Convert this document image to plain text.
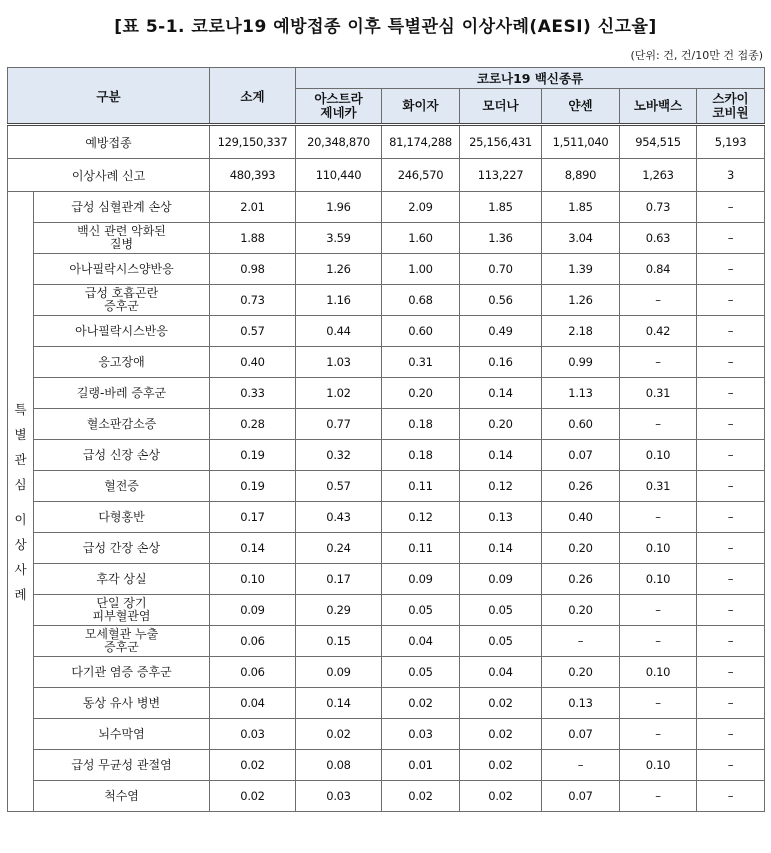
[표 5-1. 코로나19 예방접종 이후 특별관심 이상사례(AESI) 신고율]
(단위: 건, 건/10만 건 접종)
구분		소계	코로나19 백신종류					
			아스트라
제네카	화이자	모더나	얀센	노바백스	스카이
코비원
예방접종		129,150,337	20,348,870	81,174,288	25,156,431	1,511,040	954,515	5,193
이상사례 신고		480,393	110,440	246,570	113,227	8,890	1,263	3
특별관심
이상사례	급성 심혈관계 손상	2.01	1.96	2.09	1.85	1.85	0.73	–
	백신 관련 악화된
질병	1.88	3.59	1.60	1.36	3.04	0.63	–
	아나필락시스양반응	0.98	1.26	1.00	0.70	1.39	0.84	–
	급성 호흡곤란
증후군	0.73	1.16	0.68	0.56	1.26	–	–
	아나필락시스반응	0.57	0.44	0.60	0.49	2.18	0.42	–
	응고장애	0.40	1.03	0.31	0.16	0.99	–	–
	길랭-바레 증후군	0.33	1.02	0.20	0.14	1.13	0.31	–
	혈소판감소증	0.28	0.77	0.18	0.20	0.60	–	–
	급성 신장 손상	0.19	0.32	0.18	0.14	0.07	0.10	–
	혈전증	0.19	0.57	0.11	0.12	0.26	0.31	–
	다형홍반	0.17	0.43	0.12	0.13	0.40	–	–
	급성 간장 손상	0.14	0.24	0.11	0.14	0.20	0.10	–
	후각 상실	0.10	0.17	0.09	0.09	0.26	0.10	–
	단일 장기
피부혈관염	0.09	0.29	0.05	0.05	0.20	–	–
	모세혈관 누출
증후군	0.06	0.15	0.04	0.05	–	–	–
	다기관 염증 증후군	0.06	0.09	0.05	0.04	0.20	0.10	–
	동상 유사 병변	0.04	0.14	0.02	0.02	0.13	–	–
	뇌수막염	0.03	0.02	0.03	0.02	0.07	–	–
	급성 무균성 관절염	0.02	0.08	0.01	0.02	–	0.10	–
	척수염	0.02	0.03	0.02	0.02	0.07	–	–
